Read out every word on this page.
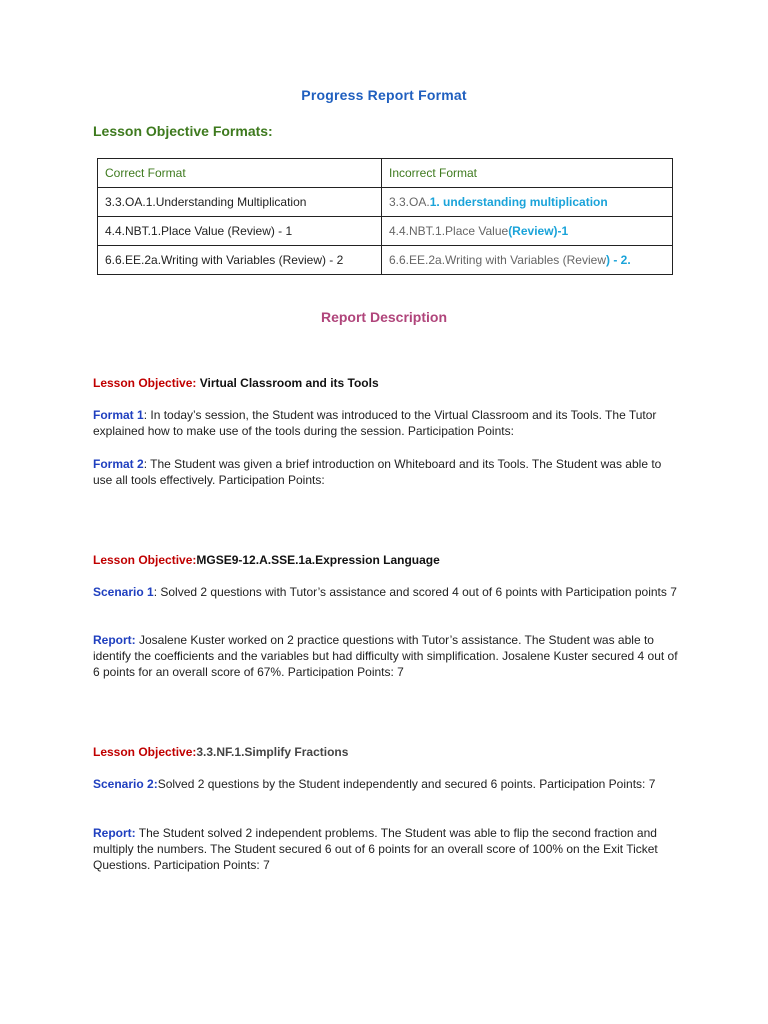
Progress Report Format
Lesson Objective Formats:
Correct Format	Incorrect Format
3.3.OA.1.Understanding Multiplication	3.3.OA.1. understanding multiplication
4.4.NBT.1.Place Value (Review) - 1	4.4.NBT.1.Place Value(Review)-1
6.6.EE.2a.Writing with Variables (Review) - 2	6.6.EE.2a.Writing with Variables (Review) - 2.
Report Description
Lesson Objective: Virtual Classroom and its Tools
Format 1: In today’s session, the Student was introduced to the Virtual Classroom and its Tools. The Tutor explained how to make use of the tools during the session. Participation Points:
Format 2: The Student was given a brief introduction on Whiteboard and its Tools. The Student was able to use all tools effectively. Participation Points:
Lesson Objective:MGSE9-12.A.SSE.1a.Expression Language
Scenario 1: Solved 2 questions with Tutor’s assistance and scored 4 out of 6 points with Participation points 7
Report: Josalene Kuster worked on 2 practice questions with Tutor’s assistance. The Student was able to identify the coefficients and the variables but had difficulty with simplification. Josalene Kuster secured 4 out of 6 points for an overall score of 67%. Participation Points: 7
Lesson Objective:3.3.NF.1.Simplify Fractions
Scenario 2:Solved 2 questions by the Student independently and secured 6 points. Participation Points: 7
Report: The Student solved 2 independent problems. The Student was able to flip the second fraction and multiply the numbers. The Student secured 6 out of 6 points for an overall score of 100% on the Exit Ticket Questions. Participation Points: 7
